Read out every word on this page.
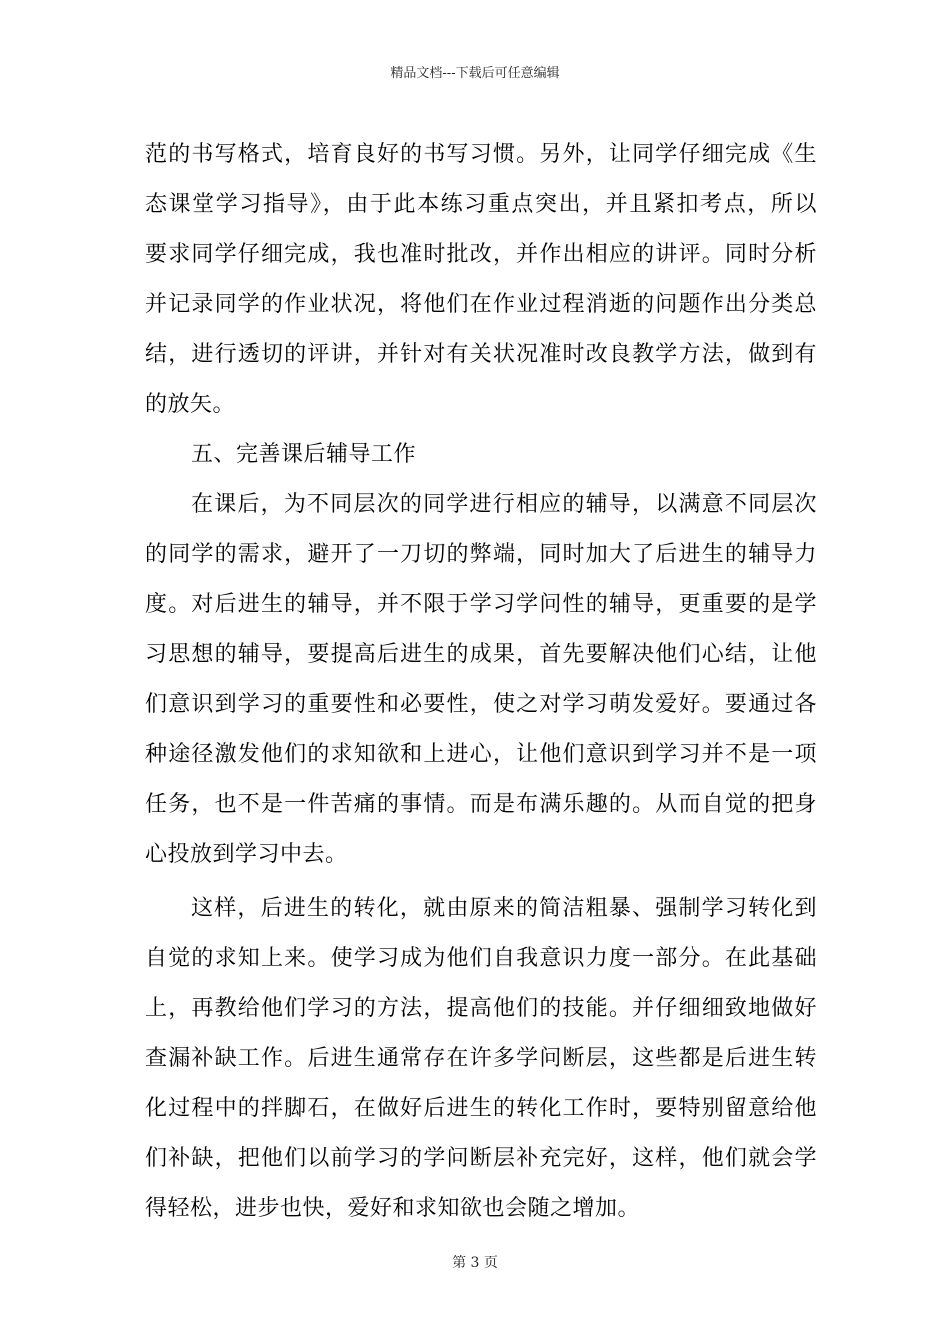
精品文档---下载后可任意编辑
范的书写格式，培育良好的书写习惯。另外，让同学仔细完成《生
态课堂学习指导》，由于此本练习重点突出，并且紧扣考点，所以
要求同学仔细完成，我也准时批改，并作出相应的讲评。同时分析
并记录同学的作业状况，将他们在作业过程消逝的问题作出分类总
结，进行透切的评讲，并针对有关状况准时改良教学方法，做到有
的放矢。
五、完善课后辅导工作
在课后，为不同层次的同学进行相应的辅导，以满意不同层次
的同学的需求，避开了一刀切的弊端，同时加大了后进生的辅导力
度。对后进生的辅导，并不限于学习学问性的辅导，更重要的是学
习思想的辅导，要提高后进生的成果，首先要解决他们心结，让他
们意识到学习的重要性和必要性，使之对学习萌发爱好。要通过各
种途径激发他们的求知欲和上进心，让他们意识到学习并不是一项
任务，也不是一件苦痛的事情。而是布满乐趣的。从而自觉的把身
心投放到学习中去。
这样，后进生的转化，就由原来的简洁粗暴、强制学习转化到
自觉的求知上来。使学习成为他们自我意识力度一部分。在此基础
上，再教给他们学习的方法，提高他们的技能。并仔细细致地做好
查漏补缺工作。后进生通常存在许多学问断层，这些都是后进生转
化过程中的拌脚石，在做好后进生的转化工作时，要特别留意给他
们补缺，把他们以前学习的学问断层补充完好，这样，他们就会学
得轻松，进步也快，爱好和求知欲也会随之增加。
第 3 页
